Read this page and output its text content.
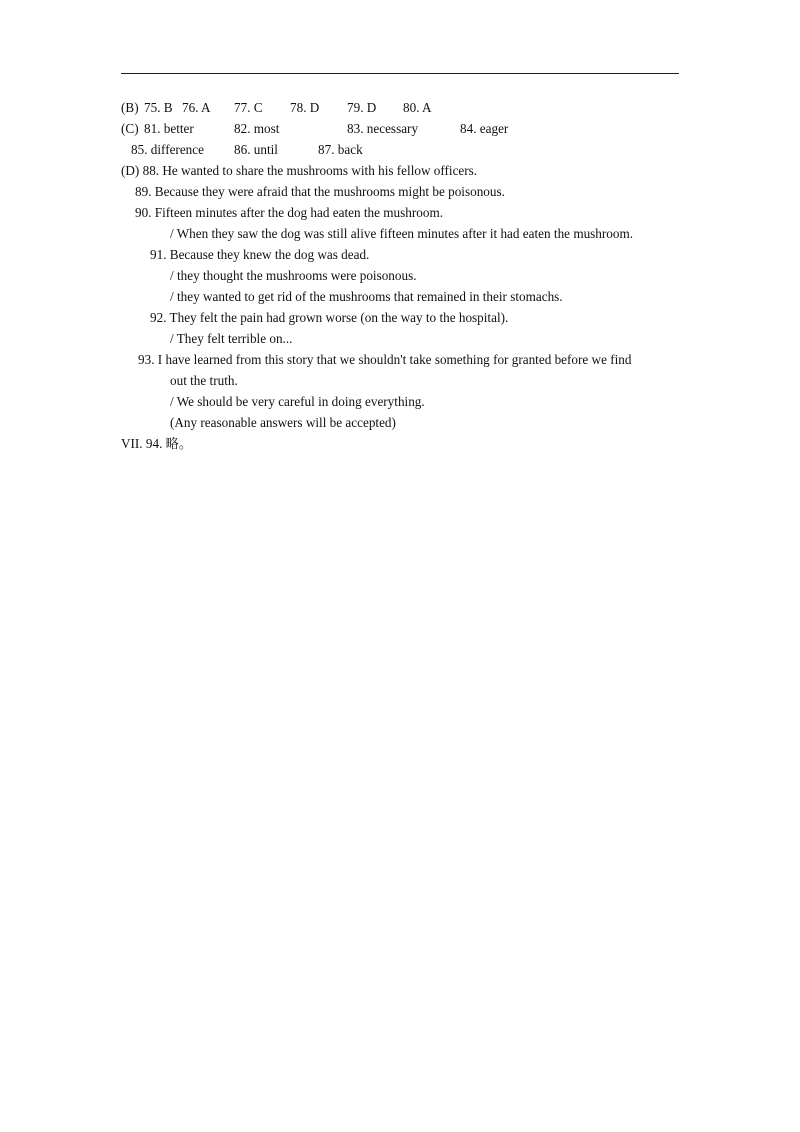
(B) 75. B 76. A 77. C 78. D 79. D 80. A
(C) 81. better	82. most	83. necessary	84. eager
85. difference 86. until	87. back
(D) 88. He wanted to share the mushrooms with his fellow officers.
89. Because they were afraid that the mushrooms might be poisonous.
90. Fifteen minutes after the dog had eaten the mushroom.
/ When they saw the dog was still alive fifteen minutes after it had eaten the mushroom.
91. Because they knew the dog was dead.
/ they thought the mushrooms were poisonous.
/ they wanted to get rid of the mushrooms that remained in their stomachs.
92. They felt the pain had grown worse (on the way to the hospital).
/ They felt terrible on...
93. I have learned from this story that we shouldn't take something for granted before we find
out the truth.
/ We should be very careful in doing everything.
(Any reasonable answers will be accepted)
VII. 94. 略。
